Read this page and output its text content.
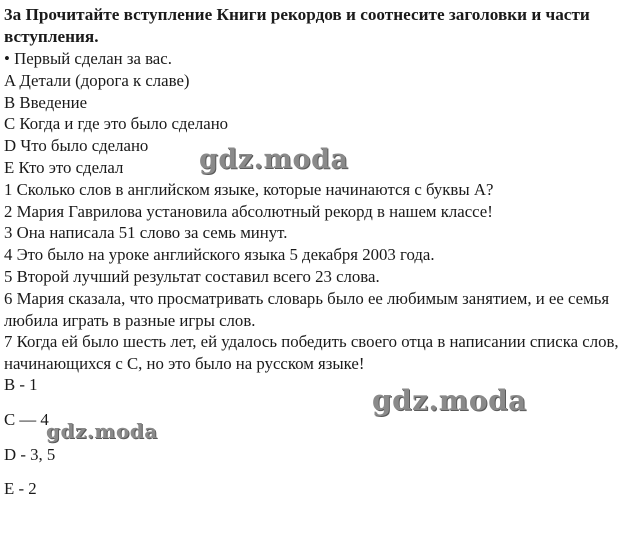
3a Прочитайте вступление Книги рекордов и соотнесите заголовки и части вступления.

• Первый сделан за вас.

A Детали (дорога к славе)

B Введение

C Когда и где это было сделано

D Что было сделано

E Кто это сделал

1 Сколько слов в английском языке, которые начинаются с буквы A?

2 Мария Гаврилова установила абсолютный рекорд в нашем классе!

3 Она написала 51 слово за семь минут.

4 Это было на уроке английского языка 5 декабря 2003 года.

5 Второй лучший результат составил всего 23 слова.

6 Мария сказала, что просматривать словарь было ее любимым занятием, и ее семья любила играть в разные игры слов.

7 Когда ей было шесть лет, ей удалось победить своего отца в написании списка слов, начинающихся с C, но это было на русском языке!

B - 1
C — 4
D - 3, 5
E - 2
gdz.moda
gdz.moda
gdz.moda
